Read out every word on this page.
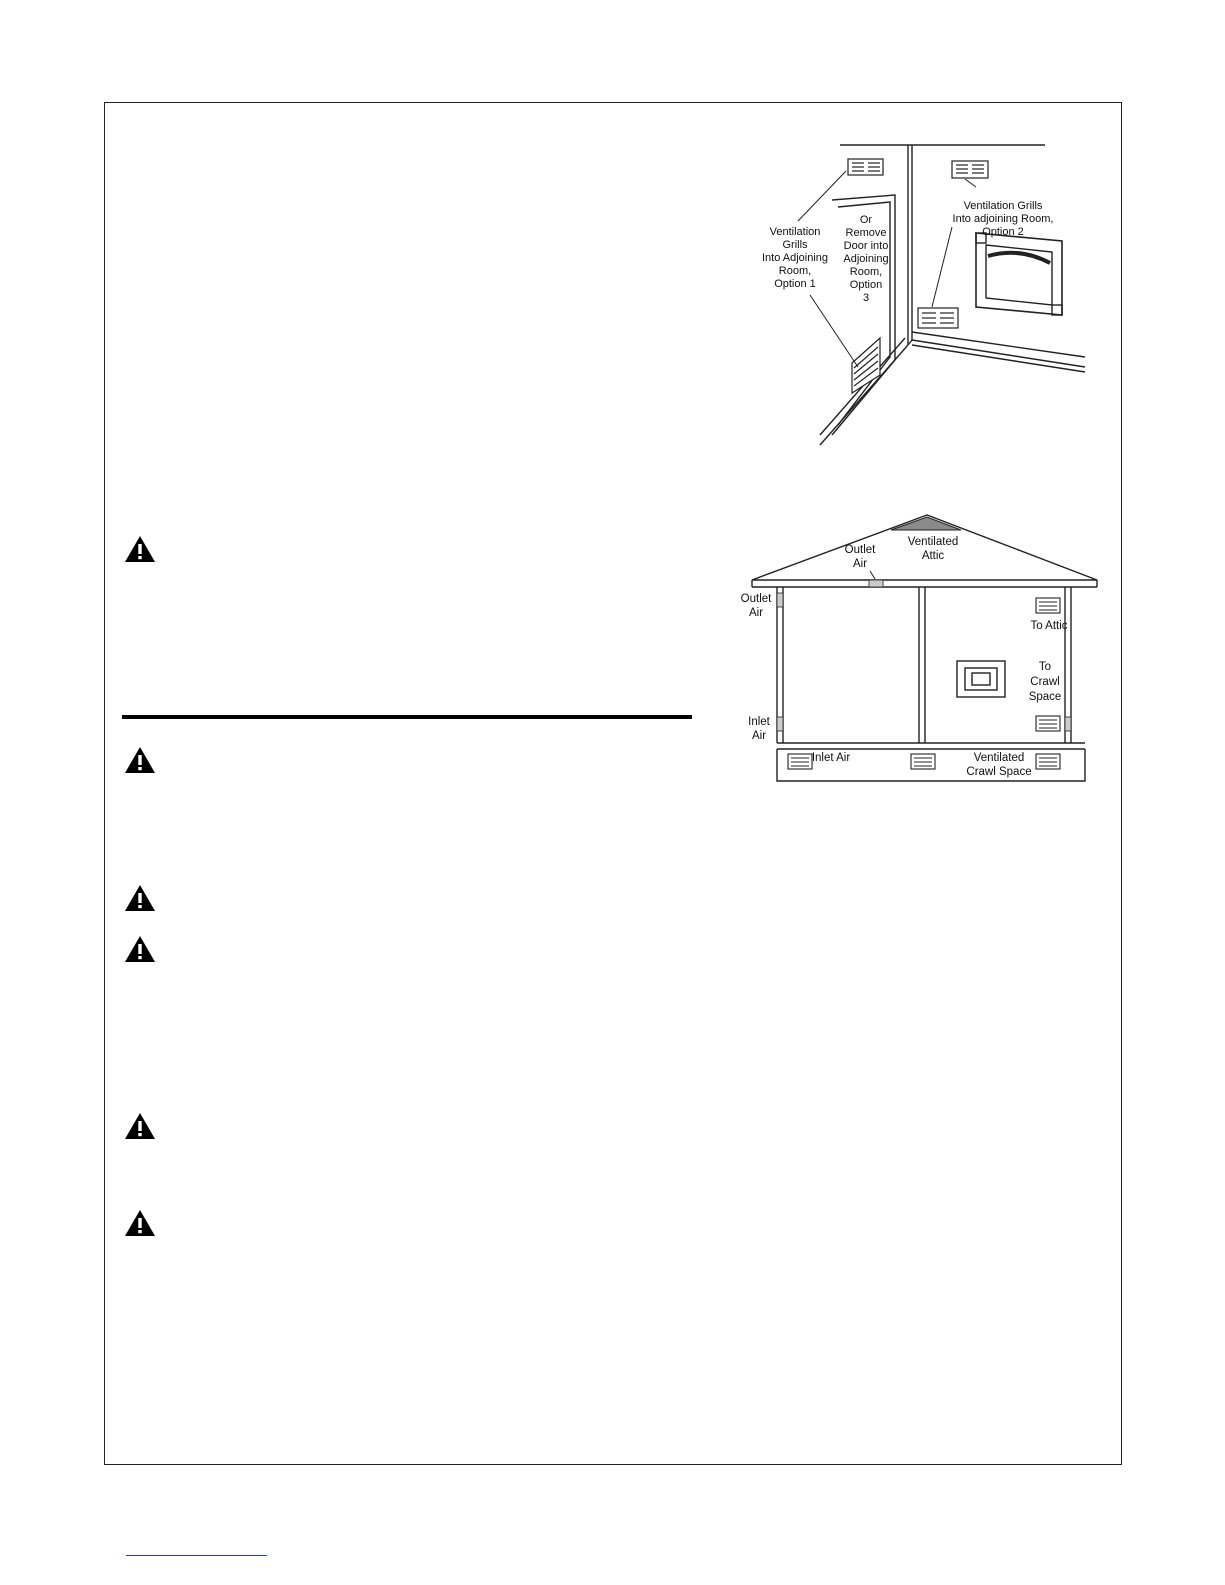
Ventilation
Grills
Into Adjoining
Room,
Option 1
Or
Remove
Door into
Adjoining
Room,
Option
3
Ventilation Grills
Into adjoining Room,
Option 2
Outlet
Air
Ventilated
Attic
Outlet
Air
To Attic
To
Crawl
Space
Inlet
Air
Inlet Air	Ventilated
Crawl Space
